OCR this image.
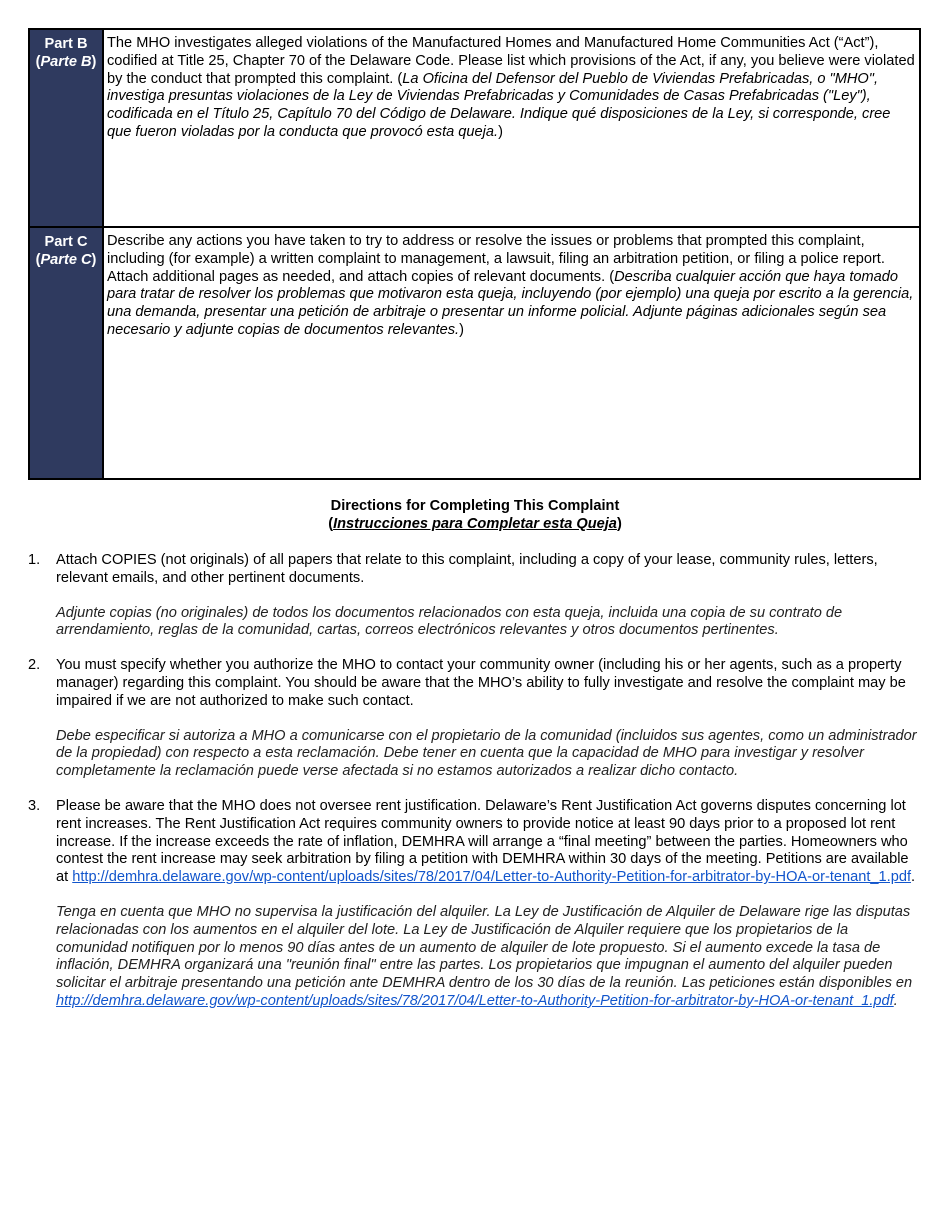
Part B
(Parte B)
The MHO investigates alleged violations of the Manufactured Homes and Manufactured Home Communities Act (“Act”), codified at Title 25, Chapter 70 of the Delaware Code. Please list which provisions of the Act, if any, you believe were violated by the conduct that prompted this complaint. (La Oficina del Defensor del Pueblo de Viviendas Prefabricadas, o "MHO", investiga presuntas violaciones de la Ley de Viviendas Prefabricadas y Comunidades de Casas Prefabricadas ("Ley"), codificada en el Título 25, Capítulo 70 del Código de Delaware. Indique qué disposiciones de la Ley, si corresponde, cree que fueron violadas por la conducta que provocó esta queja.)
Part C
(Parte C)
Describe any actions you have taken to try to address or resolve the issues or problems that prompted this complaint, including (for example) a written complaint to management, a lawsuit, filing an arbitration petition, or filing a police report. Attach additional pages as needed, and attach copies of relevant documents. (Describa cualquier acción que haya tomado para tratar de resolver los problemas que motivaron esta queja, incluyendo (por ejemplo) una queja por escrito a la gerencia, una demanda, presentar una petición de arbitraje o presentar un informe policial. Adjunte páginas adicionales según sea necesario y adjunte copias de documentos relevantes.)
Directions for Completing This Complaint
(Instrucciones para Completar esta Queja)
1.	Attach COPIES (not originals) of all papers that relate to this complaint, including a copy of your lease, community rules, letters, relevant emails, and other pertinent documents.

Adjunte copias (no originales) de todos los documentos relacionados con esta queja, incluida una copia de su contrato de arrendamiento, reglas de la comunidad, cartas, correos electrónicos relevantes y otros documentos pertinentes.

2.	You must specify whether you authorize the MHO to contact your community owner (including his or her agents, such as a property manager) regarding this complaint. You should be aware that the MHO’s ability to fully investigate and resolve the complaint may be impaired if we are not authorized to make such contact.

Debe especificar si autoriza a MHO a comunicarse con el propietario de la comunidad (incluidos sus agentes, como un administrador de la propiedad) con respecto a esta reclamación. Debe tener en cuenta que la capacidad de MHO para investigar y resolver completamente la reclamación puede verse afectada si no estamos autorizados a realizar dicho contacto.

3.	Please be aware that the MHO does not oversee rent justification. Delaware’s Rent Justification Act governs disputes concerning lot rent increases. The Rent Justification Act requires community owners to provide notice at least 90 days prior to a proposed lot rent increase. If the increase exceeds the rate of inflation, DEMHRA will arrange a “final meeting” between the parties. Homeowners who contest the rent increase may seek arbitration by filing a petition with DEMHRA within 30 days of the meeting. Petitions are available at http://demhra.delaware.gov/wp-content/uploads/sites/78/2017/04/Letter-to-Authority-Petition-for-arbitrator-by-HOA-or-tenant_1.pdf.

Tenga en cuenta que MHO no supervisa la justificación del alquiler. La Ley de Justificación de Alquiler de Delaware rige las disputas relacionadas con los aumentos en el alquiler del lote. La Ley de Justificación de Alquiler requiere que los propietarios de la comunidad notifiquen por lo menos 90 días antes de un aumento de alquiler de lote propuesto. Si el aumento excede la tasa de inflación, DEMHRA organizará una "reunión final" entre las partes. Los propietarios que impugnan el aumento del alquiler pueden solicitar el arbitraje presentando una petición ante DEMHRA dentro de los 30 días de la reunión. Las peticiones están disponibles en http://demhra.delaware.gov/wp-content/uploads/sites/78/2017/04/Letter-to-Authority-Petition-for-arbitrator-by-HOA-or-tenant_1.pdf.
